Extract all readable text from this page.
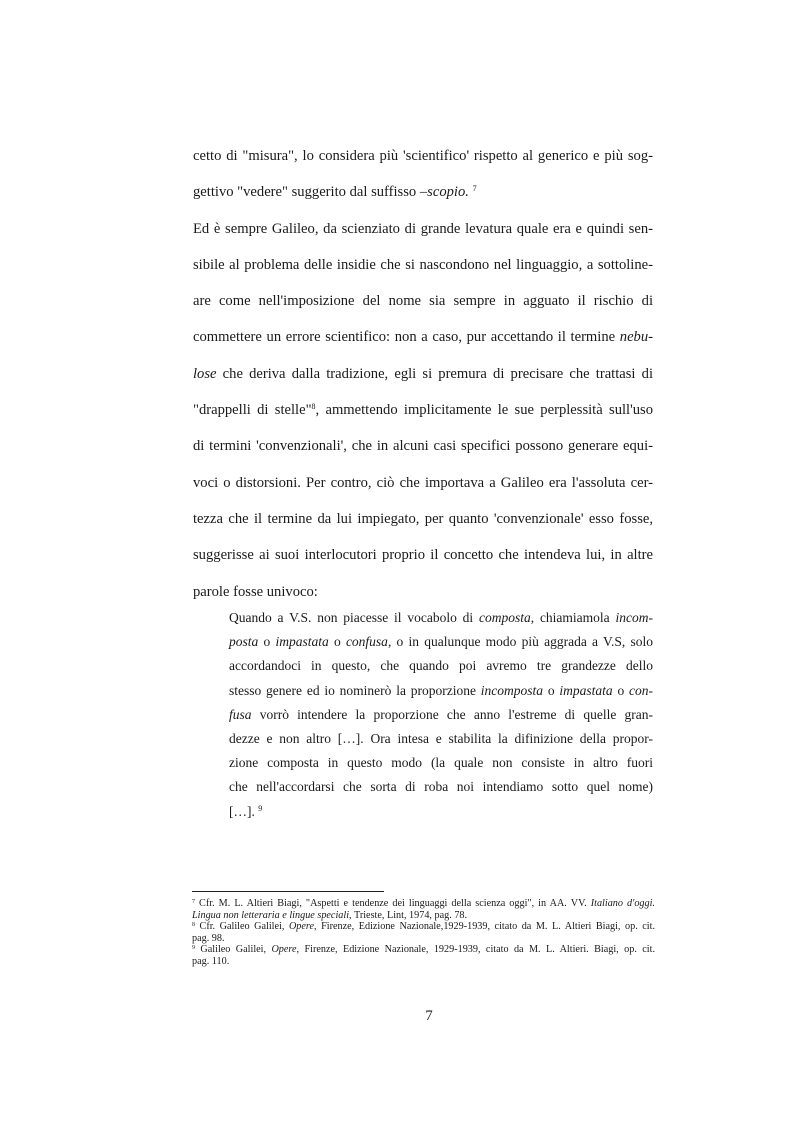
cetto di "misura", lo considera più 'scientifico' rispetto al generico e più sog-
gettivo "vedere" suggerito dal suffisso –scopio. $^7$
Ed è sempre Galileo, da scienziato di grande levatura quale era e quindi sen-
sibile al problema delle insidie che si nascondono nel linguaggio, a sottoline-
are come nell'imposizione del nome sia sempre in agguato il rischio di
commettere un errore scientifico: non a caso, pur accettando il termine nebu-
lose che deriva dalla tradizione, egli si premura di precisare che trattasi di
"drappelli di stelle"$^8$, ammettendo implicitamente le sue perplessità sull'uso
di termini 'convenzionali', che in alcuni casi specifici possono generare equi-
voci o distorsioni. Per contro, ciò che importava a Galileo era l'assoluta cer-
tezza che il termine da lui impiegato, per quanto 'convenzionale' esso fosse,
suggerisse ai suoi interlocutori proprio il concetto che intendeva lui, in altre
parole fosse univoco:
Quando a V.S. non piacesse il vocabolo di composta, chiamiamola incom-
posta o impastata o confusa, o in qualunque modo più aggrada a V.S, solo
accordandoci in questo, che quando poi avremo tre grandezze dello
stesso genere ed io nominerò la proporzione incomposta o impastata o con-
fusa vorrò intendere la proporzione che anno l'estreme di quelle gran-
dezze e non altro […]. Ora intesa e stabilita la difinizione della propor-
zione composta in questo modo (la quale non consiste in altro fuori
che nell'accordarsi che sorta di roba noi intendiamo sotto quel nome)
[…]. $^9$
$^7$ Cfr. M. L. Altieri Biagi, "Aspetti e tendenze dei linguaggi della scienza oggi", in AA. VV. Italiano d'oggi.
Lingua non letteraria e lingue speciali, Trieste, Lint, 1974, pag. 78.
$^8$ Cfr. Galileo Galilei, Opere, Firenze, Edizione Nazionale,1929-1939, citato da M. L. Altieri Biagi, op. cit.
pag. 98.
$^9$ Galileo Galilei, Opere, Firenze, Edizione Nazionale, 1929-1939, citato da M. L. Altieri. Biagi, op. cit.
pag. 110.
7
